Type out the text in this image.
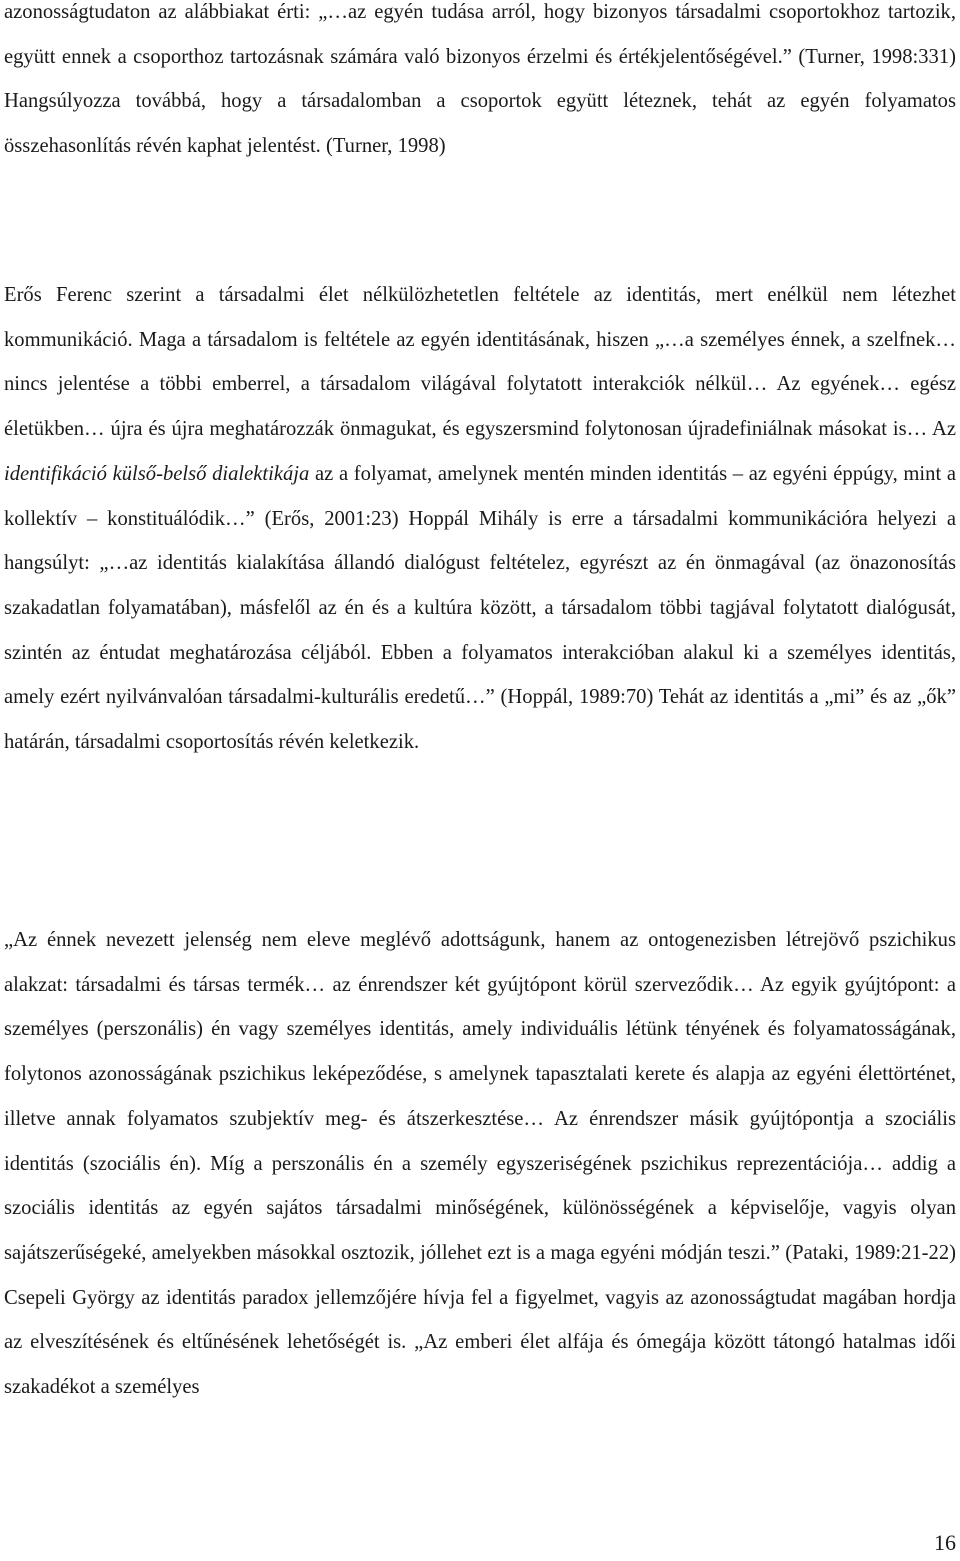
azonosságtudaton az alábbiakat érti: „…az egyén tudása arról, hogy bizonyos társadalmi csoportokhoz tartozik, együtt ennek a csoporthoz tartozásnak számára való bizonyos érzelmi és értékjelentőségével.” (Turner, 1998:331) Hangsúlyozza továbbá, hogy a társadalomban a csoportok együtt léteznek, tehát az egyén folyamatos összehasonlítás révén kaphat jelentést. (Turner, 1998)

Erős Ferenc szerint a társadalmi élet nélkülözhetetlen feltétele az identitás, mert enélkül nem létezhet kommunikáció. Maga a társadalom is feltétele az egyén identitásának, hiszen „…a személyes énnek, a szelfnek… nincs jelentése a többi emberrel, a társadalom világával folytatott interakciók nélkül… Az egyének… egész életükben… újra és újra meghatározzák önmagukat, és egyszersmind folytonosan újradefiniálnak másokat is… Az identifikáció külső-belső dialektikája az a folyamat, amelynek mentén minden identitás – az egyéni éppúgy, mint a kollektív – konstituálódik…” (Erős, 2001:23) Hoppál Mihály is erre a társadalmi kommunikációra helyezi a hangsúlyt: „…az identitás kialakítása állandó dialógust feltételez, egyrészt az én önmagával (az önazonosítás szakadatlan folyamatában), másfelől az én és a kultúra között, a társadalom többi tagjával folytatott dialógusát, szintén az éntudat meghatározása céljából. Ebben a folyamatos interakcióban alakul ki a személyes identitás, amely ezért nyilvánvalóan társadalmi-kulturális eredetű…” (Hoppál, 1989:70) Tehát az identitás a „mi” és az „ők” határán, társadalmi csoportosítás révén keletkezik.

„Az énnek nevezett jelenség nem eleve meglévő adottságunk, hanem az ontogenezisben létrejövő pszichikus alakzat: társadalmi és társas termék… az énrendszer két gyújtópont körül szerveződik… Az egyik gyújtópont: a személyes (perszonális) én vagy személyes identitás, amely individuális létünk tényének és folyamatosságának, folytonos azonosságának pszichikus leképeződése, s amelynek tapasztalati kerete és alapja az egyéni élettörténet, illetve annak folyamatos szubjektív meg- és átszerkesztése… Az énrendszer másik gyújtópontja a szociális identitás (szociális én). Míg a perszonális én a személy egyszeriségének pszichikus reprezentációja… addig a szociális identitás az egyén sajátos társadalmi minőségének, különösségének a képviselője, vagyis olyan sajátszerűségeké, amelyekben másokkal osztozik, jóllehet ezt is a maga egyéni módján teszi.” (Pataki, 1989:21-22) Csepeli György az identitás paradox jellemzőjére hívja fel a figyelmet, vagyis az azonosságtudat magában hordja az elveszítésének és eltűnésének lehetőségét is. „Az emberi élet alfája és ómegája között tátongó hatalmas idői szakadékot a személyes

16
